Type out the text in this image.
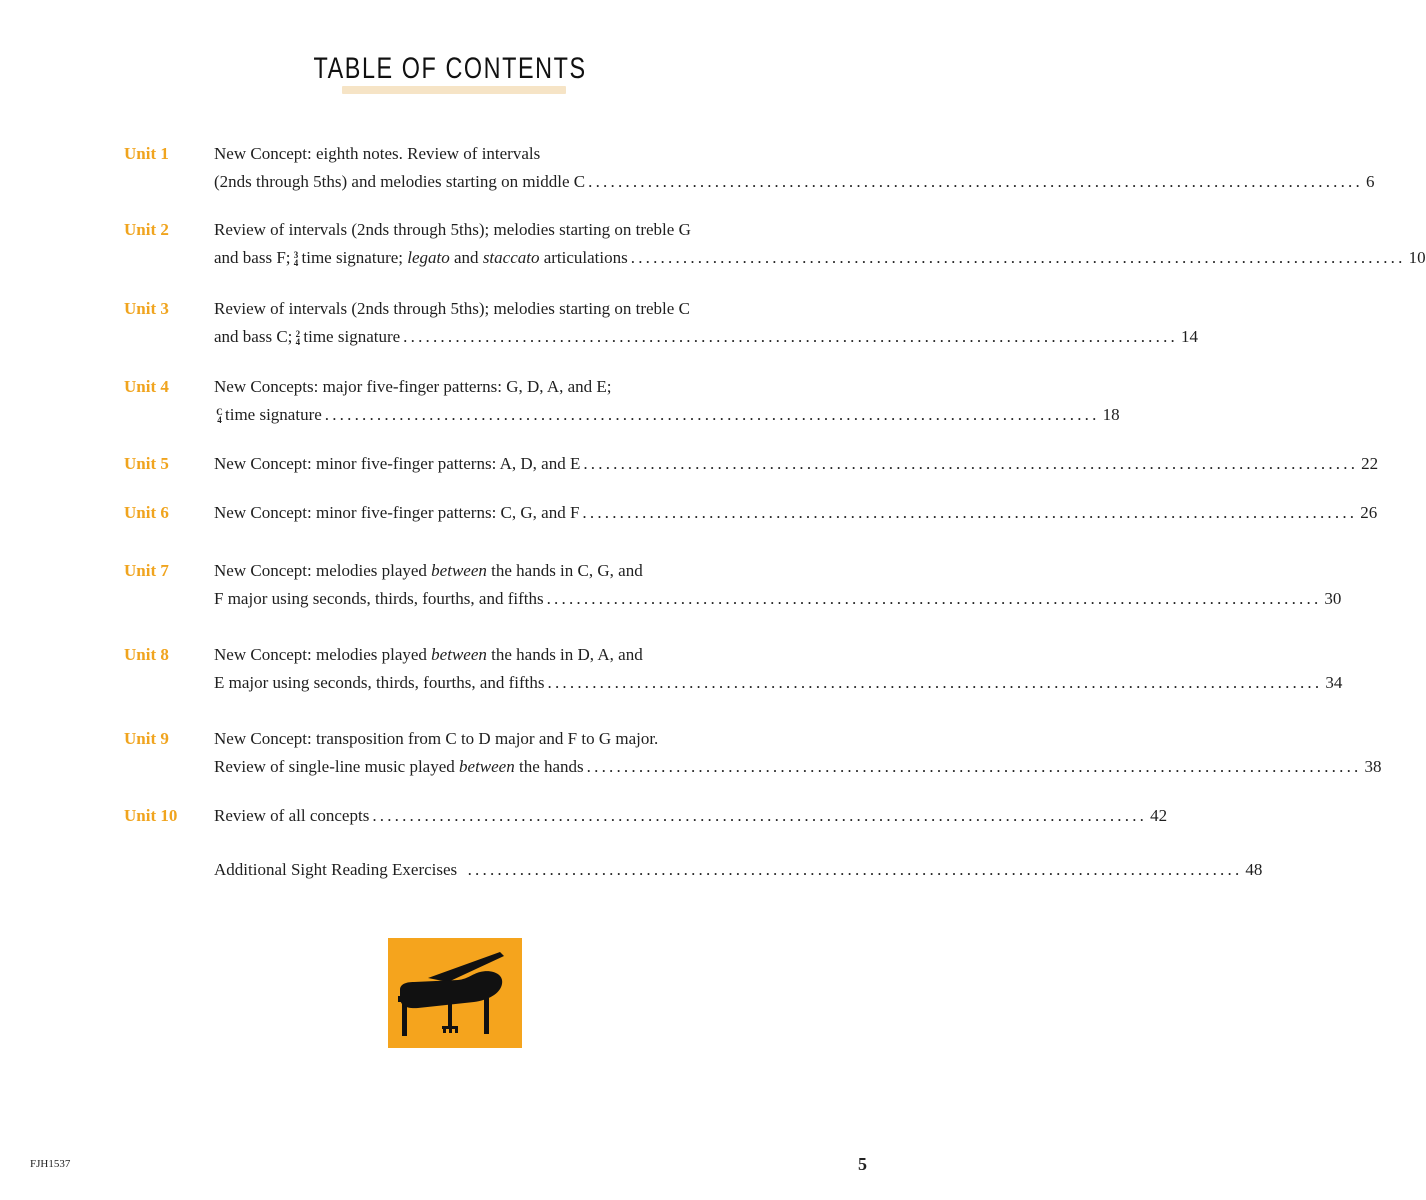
TABLE OF CONTENTS
Unit 1	New Concept: eighth notes. Review of intervals
(2nds through 5ths) and melodies starting on middle C ........................................................................................................ 6
Unit 2	Review of intervals (2nds through 5ths); melodies starting on treble G
and bass F; 3
4 time signature; legato and staccato articulations ........................................................................................................ 10
Unit 3	Review of intervals (2nds through 5ths); melodies starting on treble C
and bass C; 2
4 time signature ........................................................................................................ 14
Unit 4	New Concepts: major five-finger patterns: G, D, A, and E;
C
4 time signature ........................................................................................................ 18
Unit 5	New Concept: minor five-finger patterns: A, D, and E ........................................................................................................ 22
Unit 6	New Concept: minor five-finger patterns: C, G, and F ........................................................................................................ 26
Unit 7	New Concept: melodies played between the hands in C, G, and
F major using seconds, thirds, fourths, and fifths ........................................................................................................ 30
Unit 8	New Concept: melodies played between the hands in D, A, and
E major using seconds, thirds, fourths, and fifths ........................................................................................................ 34
Unit 9	New Concept: transposition from C to D major and F to G major.
Review of single-line music played between the hands ........................................................................................................ 38
Unit 10 Review of all concepts ........................................................................................................ 42
Additional Sight Reading Exercises ........................................................................................................ 48
FJH1537	5
